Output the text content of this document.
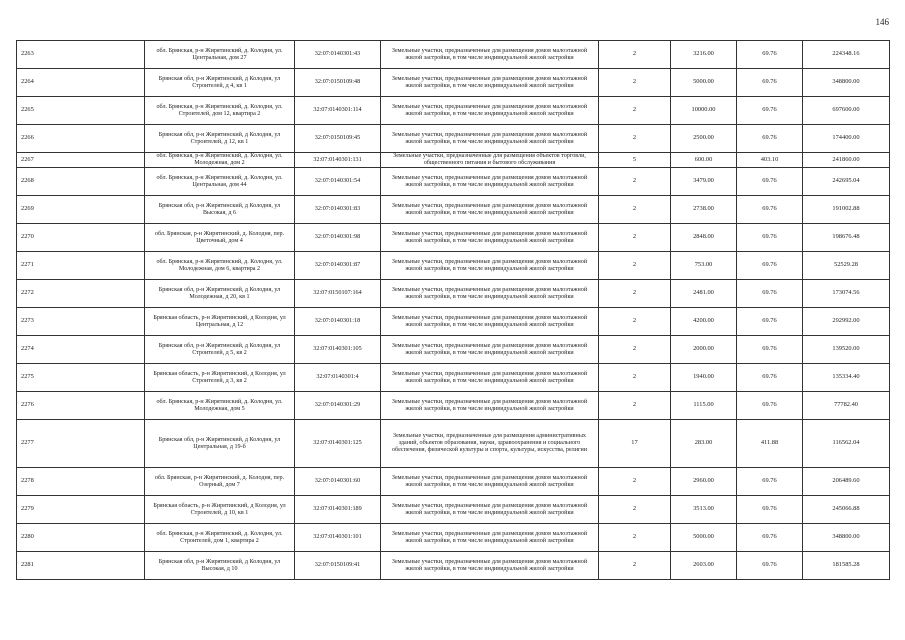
146
2263	обл. Брянская, р-н Жирятинский, д. Колодня, ул. Центральная, дом 27	32:07:0140301:43	Земельные участки, предназначенные для размещения домов малоэтажной жилой застройки, в том числе индивидуальной жилой застройки	2	3216.00	69.76	224348.16
2264	Брянская обл, р-н Жирятинский, д Колодня, ул Строителей, д 4, кв 1	32:07:0150109:48	Земельные участки, предназначенные для размещения домов малоэтажной жилой застройки, в том числе индивидуальной жилой застройки	2	5000.00	69.76	348800.00
2265	обл. Брянская, р-н Жирятинский, д. Колодня, ул. Строителей, дом 12, квартира 2	32:07:0140301:114	Земельные участки, предназначенные для размещения домов малоэтажной жилой застройки, в том числе индивидуальной жилой застройки	2	10000.00	69.76	697600.00
2266	Брянская обл, р-н Жирятинский, д Колодня, ул Строителей, д 12, кв 1	32:07:0150109:45	Земельные участки, предназначенные для размещения домов малоэтажной жилой застройки, в том числе индивидуальной жилой застройки	2	2500.00	69.76	174400.00
2267	обл. Брянская, р-н Жирятинский, д. Колодня, ул. Молодежная, дом 2	32:07:0140301:131	Земельные участки, предназначенные для размещения объектов торговли, общественного питания и бытового обслуживания	5	600.00	403.10	241860.00
2268	обл. Брянская, р-н Жирятинский, д. Колодня, ул. Центральная, дом 44	32:07:0140301:54	Земельные участки, предназначенные для размещения домов малоэтажной жилой застройки, в том числе индивидуальной жилой застройки	2	3479.00	69.76	242695.04
2269	Брянская обл, р-н Жирятинский, д Колодня, ул Высокая, д 6	32:07:0140301:83	Земельные участки, предназначенные для размещения домов малоэтажной жилой застройки, в том числе индивидуальной жилой застройки	2	2738.00	69.76	191002.88
2270	обл. Брянская, р-н Жирятинский, д. Колодня, пер. Цветочный, дом 4	32:07:0140301:98	Земельные участки, предназначенные для размещения домов малоэтажной жилой застройки, в том числе индивидуальной жилой застройки	2	2848.00	69.76	198676.48
2271	обл. Брянская, р-н Жирятинский, д. Колодня, ул. Молодежная, дом 6, квартира 2	32:07:0140301:87	Земельные участки, предназначенные для размещения домов малоэтажной жилой застройки, в том числе индивидуальной жилой застройки	2	753.00	69.76	52529.28
2272	Брянская обл, р-н Жирятинский, д Колодня, ул Молодежная, д 20, кв 1	32:07:0150107:164	Земельные участки, предназначенные для размещения домов малоэтажной жилой застройки, в том числе индивидуальной жилой застройки	2	2481.00	69.76	173074.56
2273	Брянская область, р-н Жирятинский, д Колодня, ул Центральная, д 12	32:07:0140301:18	Земельные участки, предназначенные для размещения домов малоэтажной жилой застройки, в том числе индивидуальной жилой застройки	2	4200.00	69.76	292992.00
2274	Брянская обл, р-н Жирятинский, д Колодня, ул Строителей, д 5, кв 2	32:07:0140301:105	Земельные участки, предназначенные для размещения домов малоэтажной жилой застройки, в том числе индивидуальной жилой застройки	2	2000.00	69.76	139520.00
2275	Брянская область, р-н Жирятинский, д Колодня, ул Строителей, д 3, кв 2	32:07:0140301:4	Земельные участки, предназначенные для размещения домов малоэтажной жилой застройки, в том числе индивидуальной жилой застройки	2	1940.00	69.76	135334.40
2276	обл. Брянская, р-н Жирятинский, д. Колодня, ул. Молодежная, дом 5	32:07:0140301:29	Земельные участки, предназначенные для размещения домов малоэтажной жилой застройки, в том числе индивидуальной жилой застройки	2	1115.00	69.76	77782.40
2277	Брянская обл, р-н Жирятинский, д Колодня, ул Центральная, д 19-б	32:07:0140301:125	Земельные участки, предназначенные для размещения административных зданий, объектов образования, науки, здравоохранения и социального обеспечения, физической культуры и спорта, культуры, искусства, религии	17	283.00	411.88	116562.04
2278	обл. Брянская, р-н Жирятинский, д. Колодня, пер. Озерный, дом 7	32:07:0140301:60	Земельные участки, предназначенные для размещения домов малоэтажной жилой застройки, в том числе индивидуальной жилой застройки	2	2960.00	69.76	206489.60
2279	Брянская область, р-н Жирятинский, д Колодня, ул Строителей, д 10, кв 1	32:07:0140301:189	Земельные участки, предназначенные для размещения домов малоэтажной жилой застройки, в том числе индивидуальной жилой застройки	2	3513.00	69.76	245066.88
2280	обл. Брянская, р-н Жирятинский, д. Колодня, ул. Строителей, дом 1, квартира 2	32:07:0140301:101	Земельные участки, предназначенные для размещения домов малоэтажной жилой застройки, в том числе индивидуальной жилой застройки	2	5000.00	69.76	348800.00
2281	Брянская обл, р-н Жирятинский, д Колодня, ул Высокая, д 10	32:07:0150109:41	Земельные участки, предназначенные для размещения домов малоэтажной жилой застройки, в том числе индивидуальной жилой застройки	2	2603.00	69.76	181585.28
